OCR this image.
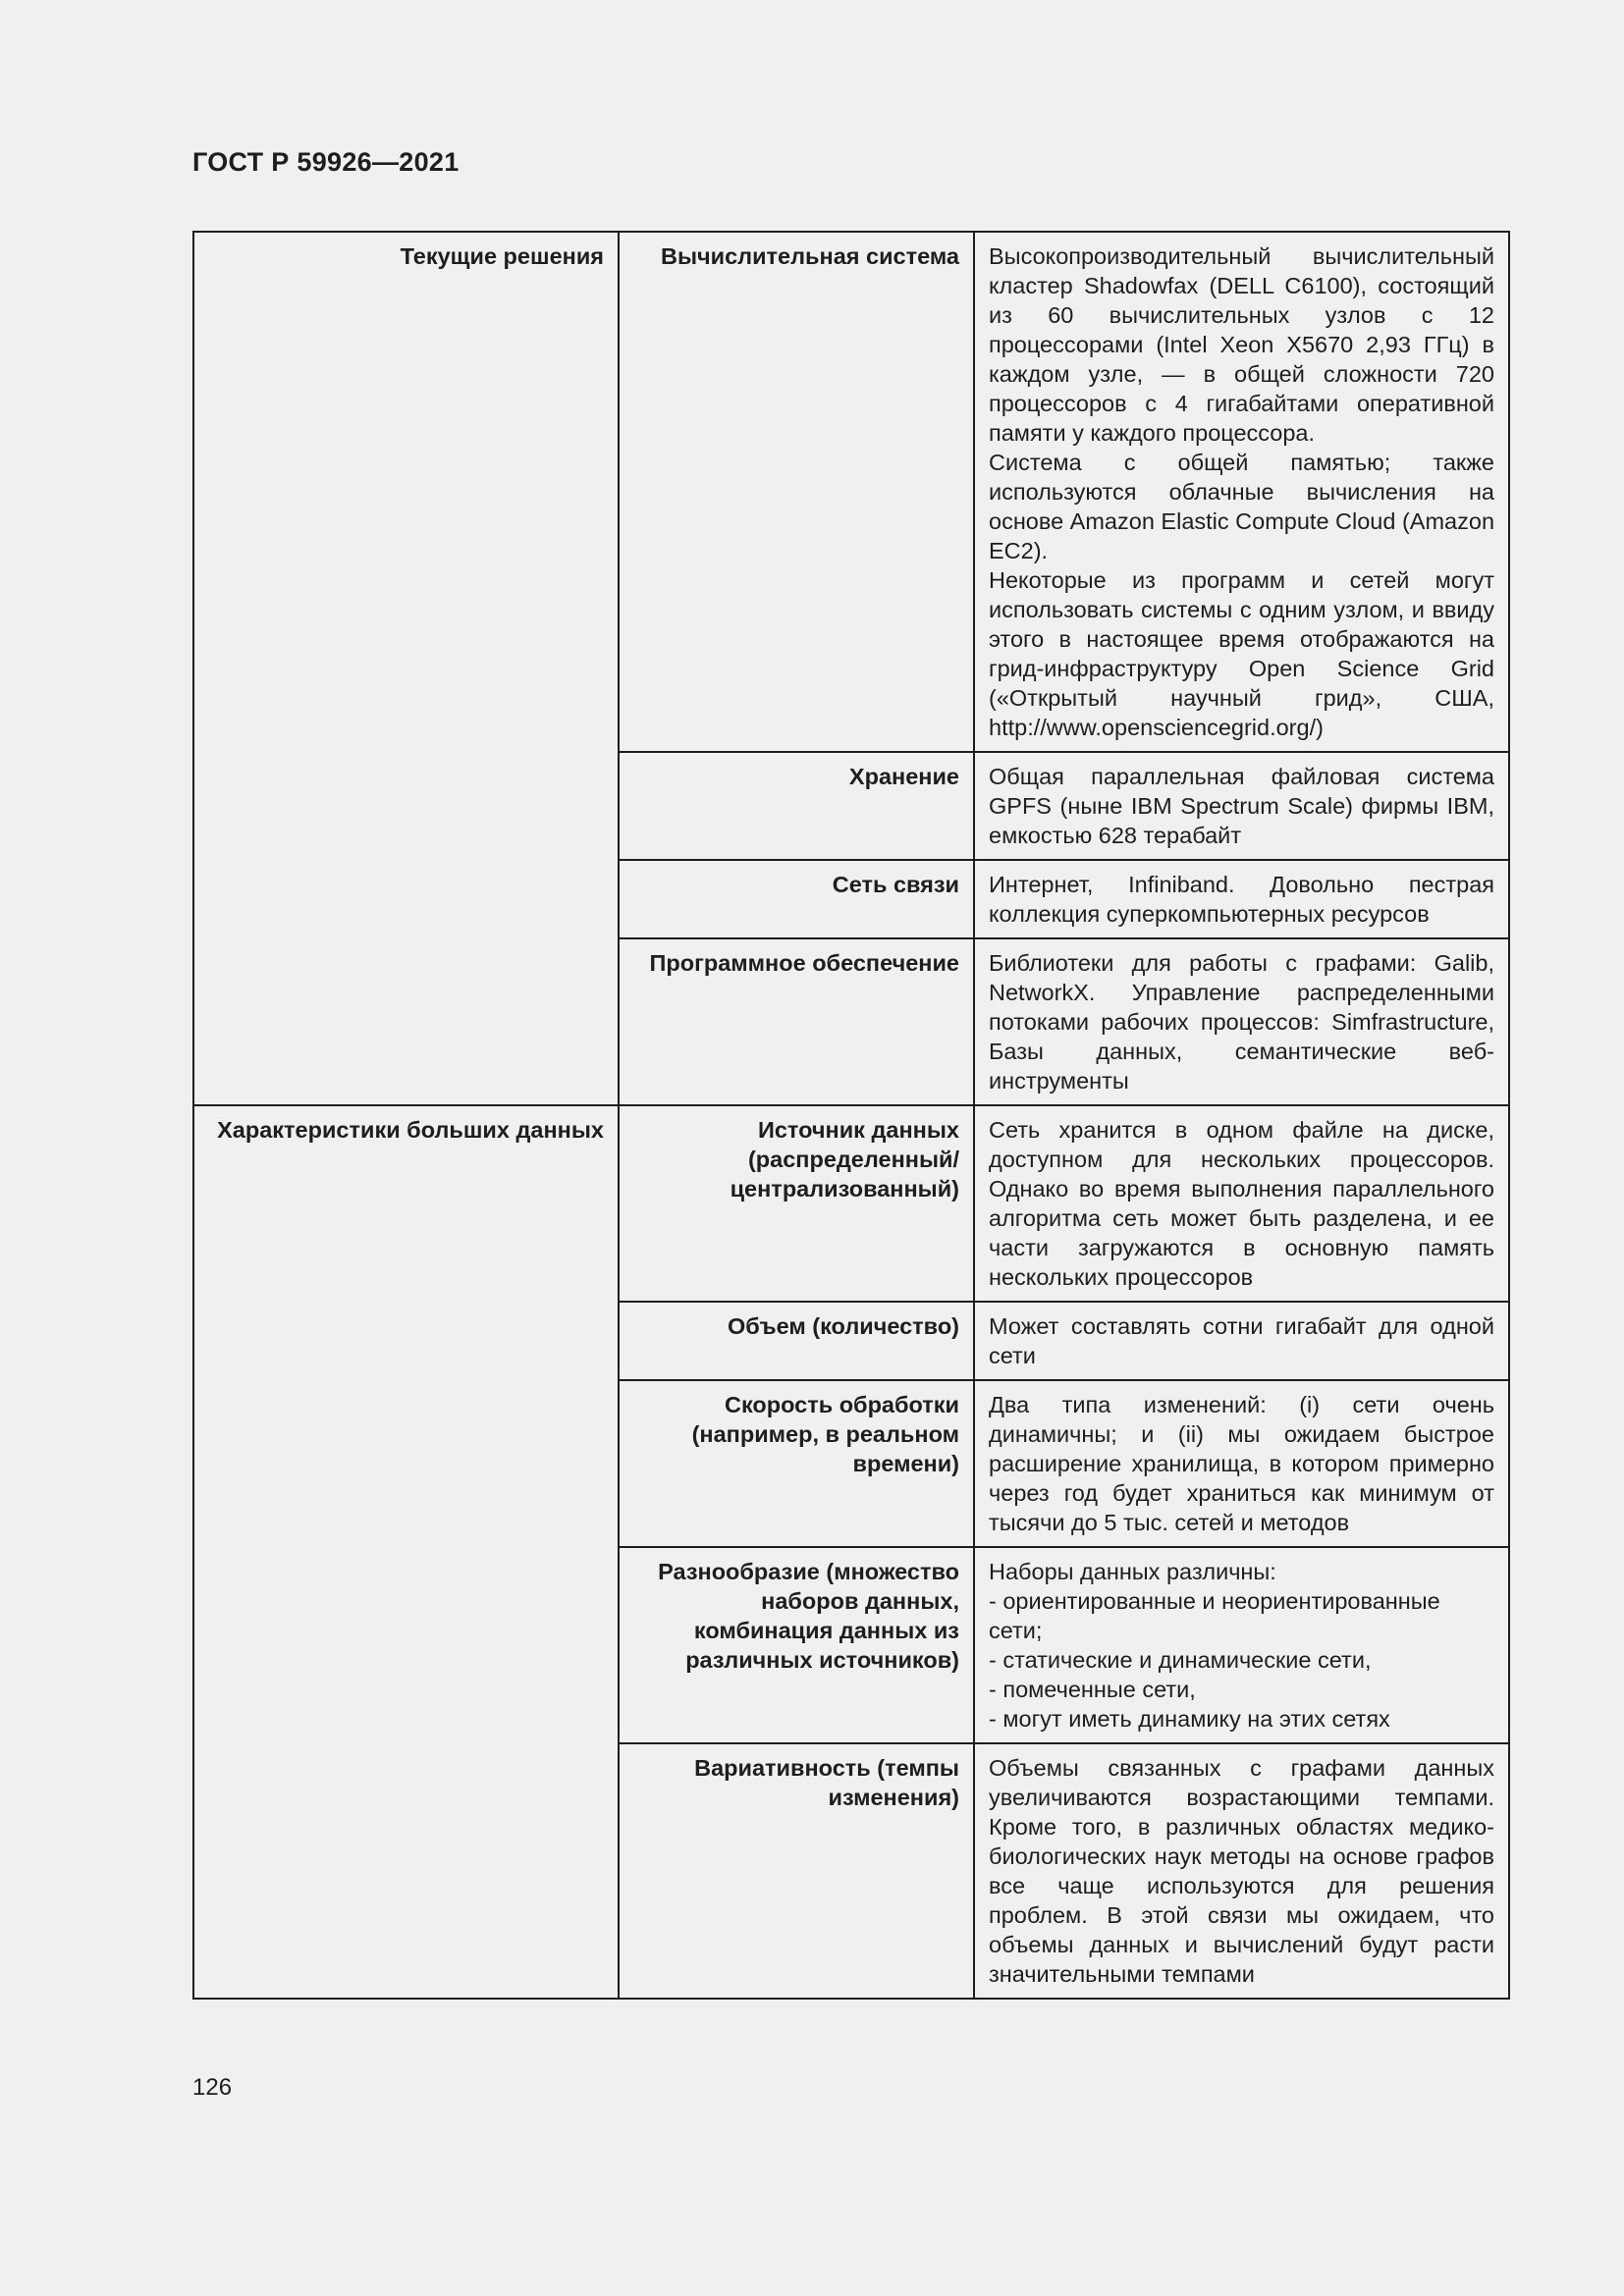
ГОСТ Р 59926—2021
Текущие решения	Вычислительная система	Высокопроизводительный вычислительный кластер Shadowfax (DELL C6100), состоящий из 60 вычислительных узлов с 12 процессорами (Intel Xeon X5670 2,93 ГГц) в каждом узле, — в общей сложности 720 процессоров с 4 гигабайтами оперативной памяти у каждого процессора.
Система с общей памятью; также используются облачные вычисления на основе Amazon Elastic Compute Cloud (Amazon EC2).
Некоторые из программ и сетей могут использовать системы с одним узлом, и ввиду этого в настоящее время отображаются на грид-инфраструктуру Open Science Grid («Открытый научный грид», США, http://www.opensciencegrid.org/)

	Хранение	Общая параллельная файловая система GPFS (ныне IBM Spectrum Scale) фирмы IBM, емкостью 628 терабайт

	Сеть связи	Интернет, Infiniband. Довольно пестрая коллекция суперкомпьютерных ресурсов

	Программное обеспечение	Библиотеки для работы с графами: Galib, NetworkX. Управление распределенными потоками рабочих процессов: Simfrastructure, Базы данных, семантические веб-инструменты

Характеристики больших данных	Источник данных (распределенный/централизованный)	Сеть хранится в одном файле на диске, доступном для нескольких процессоров. Однако во время выполнения параллельного алгоритма сеть может быть разделена, и ее части загружаются в основную память нескольких процессоров

	Объем (количество)	Может составлять сотни гигабайт для одной сети

	Скорость обработки (например, в реальном времени)	Два типа изменений: (i) сети очень динамичны; и (ii) мы ожидаем быстрое расширение хранилища, в котором примерно через год будет храниться как минимум от тысячи до 5 тыс. сетей и методов

	Разнообразие (множество наборов данных, комбинация данных из различных источников)	Наборы данных различны:
- ориентированные и неориентированные сети;
- статические и динамические сети,
- помеченные сети,
- могут иметь динамику на этих сетях

	Вариативность (темпы изменения)	Объемы связанных с графами данных увеличиваются возрастающими темпами. Кроме того, в различных областях медико-биологических наук методы на основе графов все чаще используются для решения проблем. В этой связи мы ожидаем, что объемы данных и вычислений будут расти значительными темпами
126
